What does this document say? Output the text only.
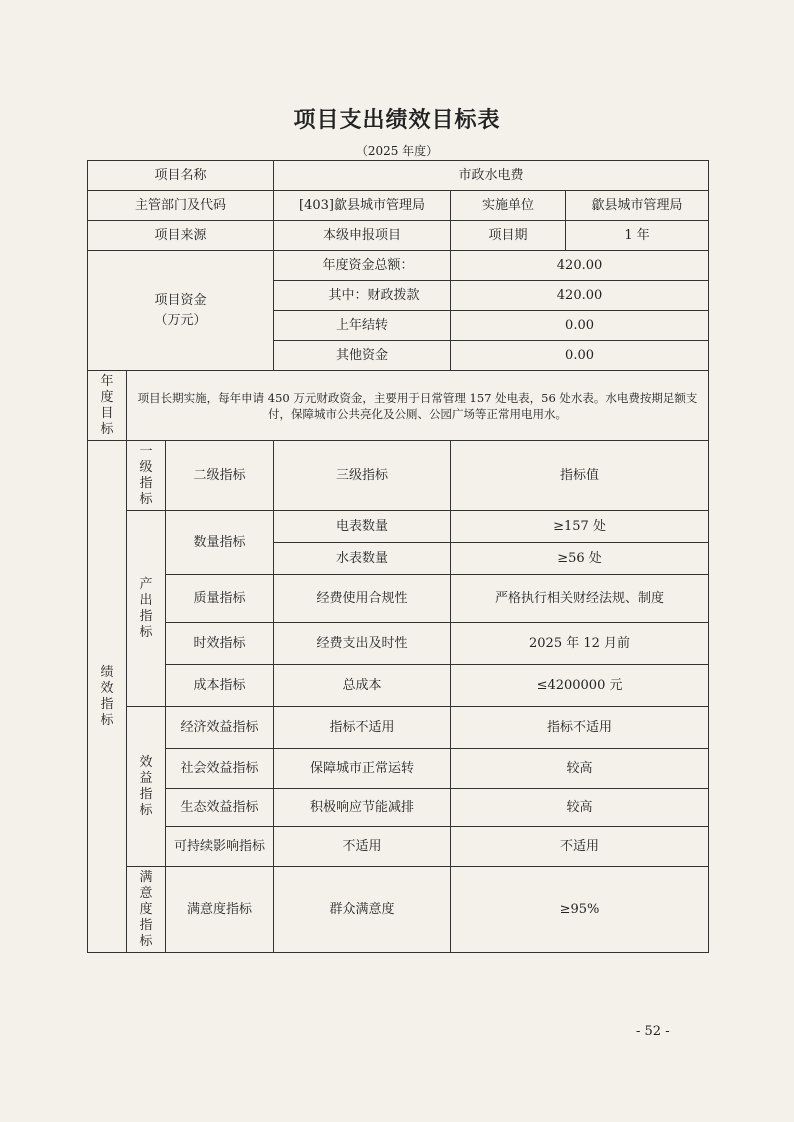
项目支出绩效目标表
（2025 年度）
项目名称			市政水电费		
主管部门及代码			[403]歙县城市管理局	实施单位	歙县城市管理局
项目来源			本级申报项目	项目期	1 年
项目资金
（万元）			年度资金总额：	420.00	
			其中：财政拨款	420.00	
			上年结转	0.00	
			其他资金	0.00	

年度目标	项目长期实施，每年申请 450 万元财政资金，主要用于日常管理 157 处电表，56 处水表。水电费按期足额支付，保障城市公共亮化及公厕、公园广场等正常用电用水。				

绩效指标	一级指标	二级指标	三级指标	指标值	

	产出指标	数量指标	电表数量	≥157 处	
			水表数量	≥56 处	
		质量指标	经费使用合规性	严格执行相关财经法规、制度	
		时效指标	经费支出及时性	2025 年 12 月前	
		成本指标	总成本	≤4200000 元	

	效益指标	经济效益指标	指标不适用	指标不适用	
		社会效益指标	保障城市正常运转	较高	
		生态效益指标	积极响应节能减排	较高	
		可持续影响指标	不适用	不适用	

	满意度指标	满意度指标	群众满意度	≥95%	
- 52 -
